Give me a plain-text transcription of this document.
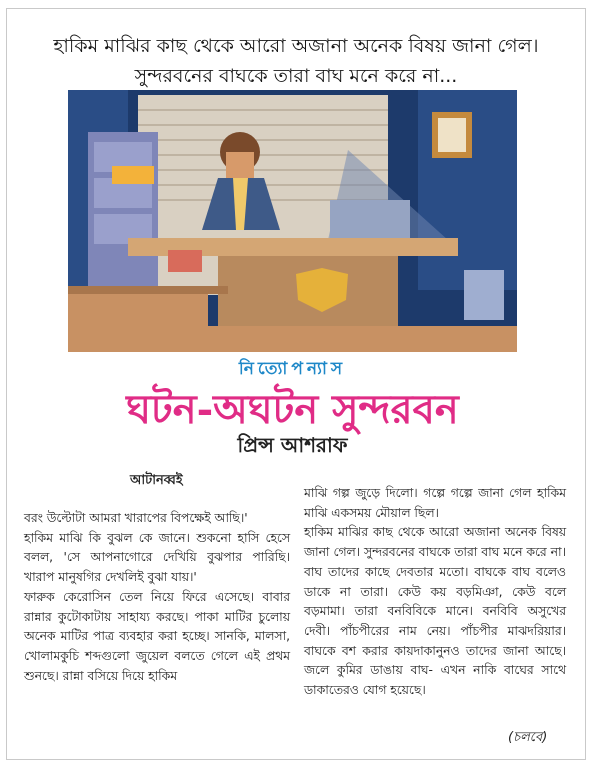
হাকিম মাঝির কাছ থেকে আরো অজানা অনেক বিষয় জানা গেল।
সুন্দরবনের বাঘকে তারা বাঘ মনে করে না...
নিত্যোপন্যাস
ঘটন-অঘটন সুন্দরবন
প্রিন্স আশরাফ
আটানব্বই

বরং উল্টোটা আমরা খারাপের বিপক্ষেই আছি।'

হাকিম মাঝি কি বুঝল কে জানে। শুকনো হাসি হেসে বলল, 'সে আপনাগোরে দেখিয়ি বুঝপার পারিছি। খারাপ মানুষগির দেখলিই বুঝা যায়।'

ফারুক কেরোসিন তেল নিয়ে ফিরে এসেছে। বাবার রান্নার কুটোকাটায় সাহায্য করছে। পাকা মাটির চুলোয় অনেক মাটির পাত্র ব্যবহার করা হচ্ছে। সানকি, মালসা, খোলামকুচি শব্দগুলো জুয়েল বলতে গেলে এই প্রথম শুনছে। রান্না বসিয়ে দিয়ে হাকিম

মাঝি গল্প জুড়ে দিলো। গল্পে গল্পে জানা গেল হাকিম মাঝি একসময় মৌয়াল ছিল।

হাকিম মাঝির কাছ থেকে আরো অজানা অনেক বিষয় জানা গেল। সুন্দরবনের বাঘকে তারা বাঘ মনে করে না। বাঘ তাদের কাছে দেবতার মতো। বাঘকে বাঘ বলেও ডাকে না তারা। কেউ কয় বড়মিঞা, কেউ বলে বড়মামা। তারা বনবিবিকে মানে। বনবিবি অসুখের দেবী। পাঁচপীরের নাম নেয়। পাঁচপীর মাঝদরিয়ার। বাঘকে বশ করার কায়দাকানুনও তাদের জানা আছে। জলে কুমির ডাঙায় বাঘ- এখন নাকি বাঘের সাথে ডাকাতেরও যোগ হয়েছে।

(চলবে)
